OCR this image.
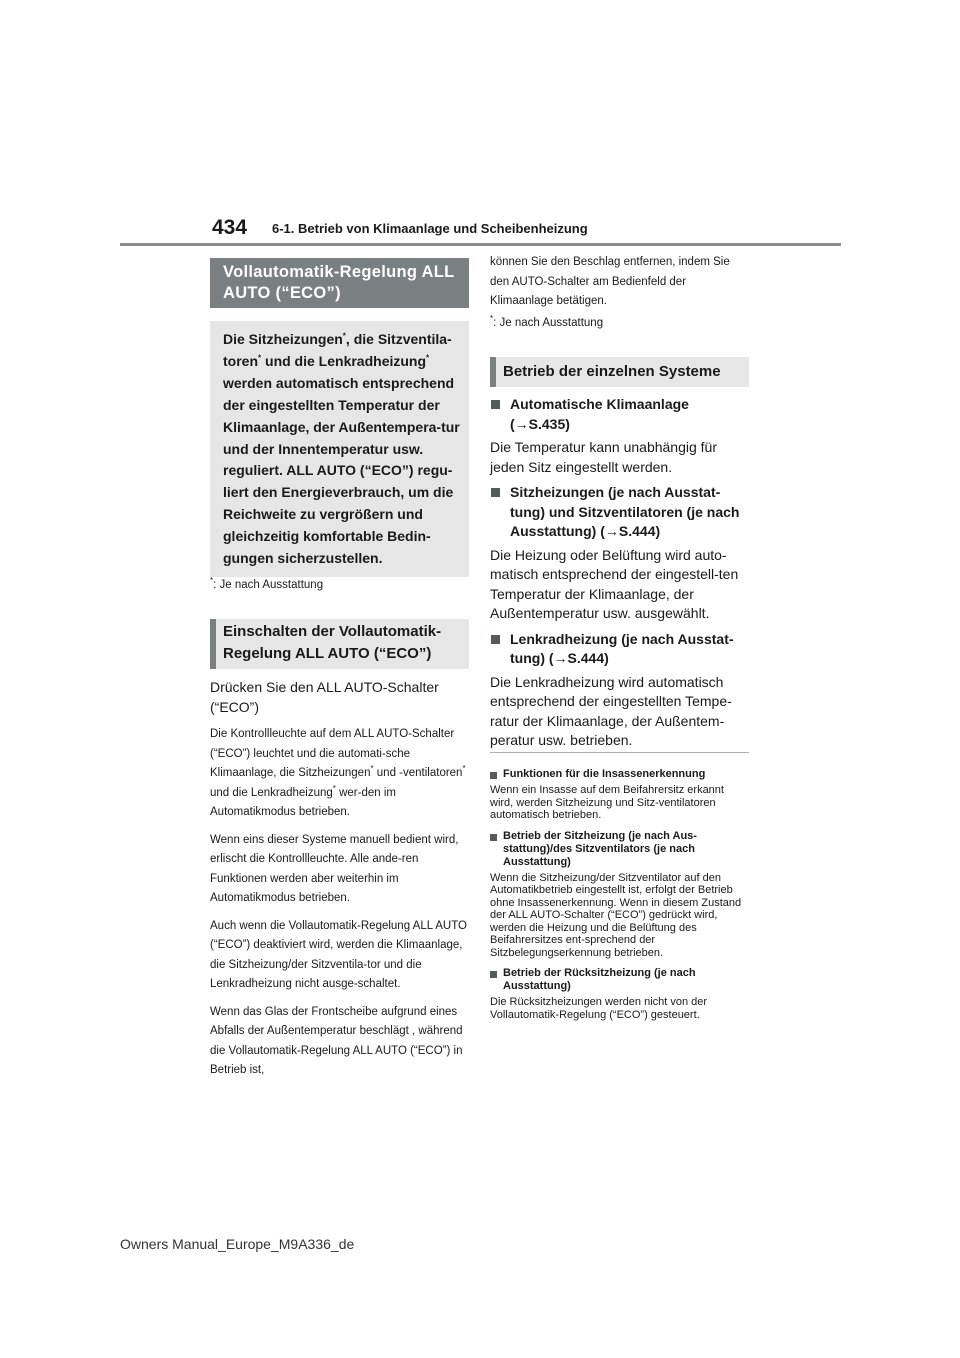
434 6-1. Betrieb von Klimaanlage und Scheibenheizung
Vollautomatik-Regelung ALL AUTO (“ECO”)

Die Sitzheizungen*, die Sitzventila-toren* und die Lenkradheizung* werden automatisch entsprechend der eingestellten Temperatur der Klimaanlage, der Außentempera-tur und der Innentemperatur usw. reguliert. ALL AUTO (“ECO”) regu-liert den Energieverbrauch, um die Reichweite zu vergrößern und gleichzeitig komfortable Bedin-gungen sicherzustellen.

*: Je nach Ausstattung
Einschalten der Vollautomatik-Regelung ALL AUTO (“ECO”)
Drücken Sie den ALL AUTO-Schalter (“ECO”)

Die Kontrollleuchte auf dem ALL AUTO-Schalter (“ECO”) leuchtet und die automati-sche Klimaanlage, die Sitzheizungen* und -ventilatoren* und die Lenkradheizung* wer-den im Automatikmodus betrieben.

Wenn eins dieser Systeme manuell bedient wird, erlischt die Kontrollleuchte. Alle ande-ren Funktionen werden aber weiterhin im Automatikmodus betrieben.

Auch wenn die Vollautomatik-Regelung ALL AUTO (“ECO”) deaktiviert wird, werden die Klimaanlage, die Sitzheizung/der Sitzventila-tor und die Lenkradheizung nicht ausge-schaltet.

Wenn das Glas der Frontscheibe aufgrund eines Abfalls der Außentemperatur beschlägt , während die Vollautomatik-Regelung ALL AUTO (“ECO”) in Betrieb ist,

können Sie den Beschlag entfernen, indem Sie den AUTO-Schalter am Bedienfeld der Klimaanlage betätigen.

*: Je nach Ausstattung
Betrieb der einzelnen Systeme
Automatische Klimaanlage (→S.435)
Die Temperatur kann unabhängig für jeden Sitz eingestellt werden.
Sitzheizungen (je nach Ausstat-tung) und Sitzventilatoren (je nach Ausstattung) (→S.444)
Die Heizung oder Belüftung wird auto-matisch entsprechend der eingestell-ten Temperatur der Klimaanlage, der Außentemperatur usw. ausgewählt.
Lenkradheizung (je nach Ausstat-tung) (→S.444)
Die Lenkradheizung wird automatisch entsprechend der eingestellten Tempe-ratur der Klimaanlage, der Außentem-peratur usw. betrieben.
Funktionen für die Insassenerkennung
Wenn ein Insasse auf dem Beifahrersitz erkannt wird, werden Sitzheizung und Sitz-ventilatoren automatisch betrieben.
Betrieb der Sitzheizung (je nach Aus-stattung)/des Sitzventilators (je nach Ausstattung)
Wenn die Sitzheizung/der Sitzventilator auf den Automatikbetrieb eingestellt ist, erfolgt der Betrieb ohne Insassenerkennung. Wenn in diesem Zustand der ALL AUTO-Schalter (“ECO”) gedrückt wird, werden die Heizung und die Belüftung des Beifahrersitzes ent-sprechend der Sitzbelegungserkennung betrieben.
Betrieb der Rücksitzheizung (je nach Ausstattung)
Die Rücksitzheizungen werden nicht von der Vollautomatik-Regelung (“ECO”) gesteuert.
Owners Manual_Europe_M9A336_de
